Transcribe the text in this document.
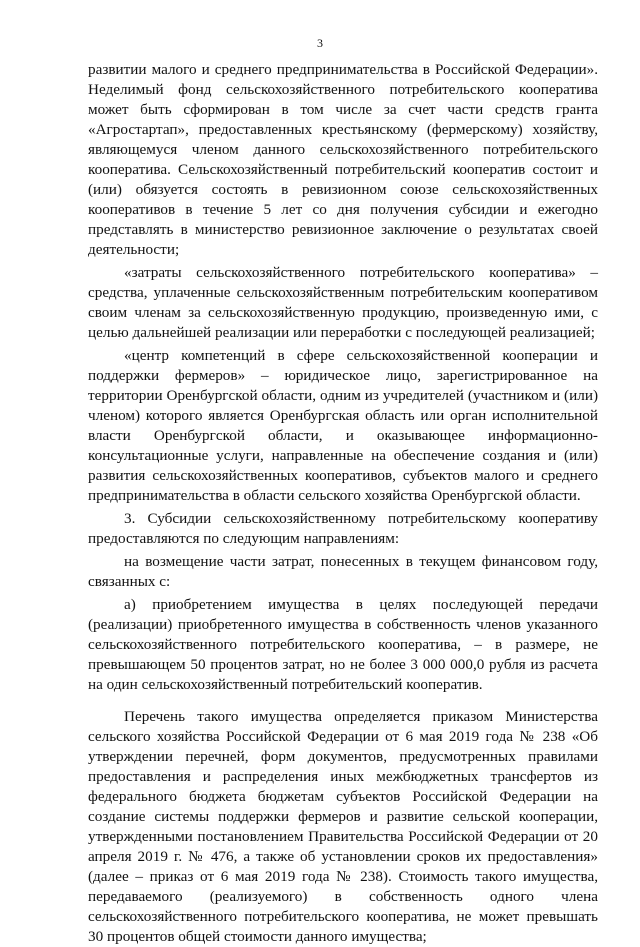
3

развитии малого и среднего предпринимательства в Российской Федерации». Неделимый фонд сельскохозяйственного потребительского кооператива может быть сформирован в том числе за счет части средств гранта «Агростартап», предоставленных крестьянскому (фермерскому) хозяйству, являющемуся членом данного сельскохозяйственного потребительского кооператива. Сельскохозяйственный потребительский кооператив состоит и (или) обязуется состоять в ревизионном союзе сельскохозяйственных кооперативов в течение 5 лет со дня получения субсидии и ежегодно представлять в министерство ревизионное заключение о результатах своей деятельности;

«затраты сельскохозяйственного потребительского кооператива» – средства, уплаченные сельскохозяйственным потребительским кооперативом своим членам за сельскохозяйственную продукцию, произведенную ими, с целью дальнейшей реализации или переработки с последующей реализацией;

«центр компетенций в сфере сельскохозяйственной кооперации и поддержки фермеров» – юридическое лицо, зарегистрированное на территории Оренбургской области, одним из учредителей (участником и (или) членом) которого является Оренбургская область или орган исполнительной власти Оренбургской области, и оказывающее информационно-консультационные услуги, направленные на обеспечение создания и (или) развития сельскохозяйственных кооперативов, субъектов малого и среднего предпринимательства в области сельского хозяйства Оренбургской области.

3. Субсидии сельскохозяйственному потребительскому кооперативу предоставляются по следующим направлениям:

на возмещение части затрат, понесенных в текущем финансовом году, связанных с:

а) приобретением имущества в целях последующей передачи (реализации) приобретенного имущества в собственность членов указанного сельскохозяйственного потребительского кооператива, – в размере, не превышающем 50 процентов затрат, но не более 3 000 000,0 рубля из расчета на один сельскохозяйственный потребительский кооператив.

Перечень такого имущества определяется приказом Министерства сельского хозяйства Российской Федерации от 6 мая 2019 года № 238 «Об утверждении перечней, форм документов, предусмотренных правилами предоставления и распределения иных межбюджетных трансфертов из федерального бюджета бюджетам субъектов Российской Федерации на создание системы поддержки фермеров и развитие сельской кооперации, утвержденными постановлением Правительства Российской Федерации от 20 апреля 2019 г. № 476, а также об установлении сроков их предоставления» (далее – приказ от 6 мая 2019 года № 238). Стоимость такого имущества, передаваемого (реализуемого) в собственность одного члена сельскохозяйственного потребительского кооператива, не может превышать 30 процентов общей стоимости данного имущества;
